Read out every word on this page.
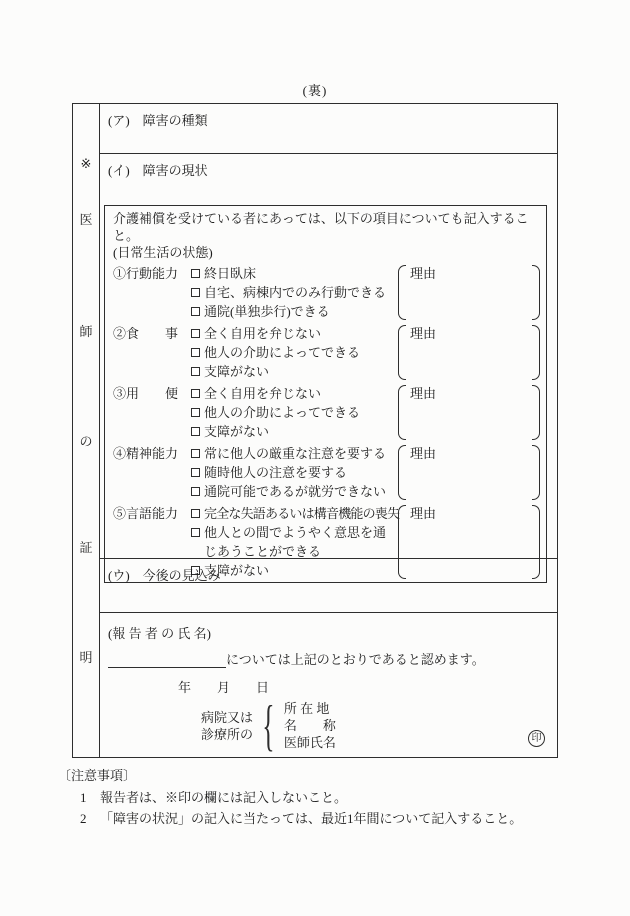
(裏)
※
医
師
の
証
明
(ア)　障害の種類
(イ)　障害の現状
介護補償を受けている者にあっては、以下の項目についても記入すること。
(日常生活の状態)
①行動能力	終日臥床
自宅、病棟内でのみ行動できる
通院(単独歩行)できる
理由
②食　　事	全く自用を弁じない
他人の介助によってできる
支障がない
理由
③用　　便	全く自用を弁じない
他人の介助によってできる
支障がない
理由
④精神能力	常に他人の厳重な注意を要する
随時他人の注意を要する
通院可能であるが就労できない
理由
⑤言語能力	完全な失語あるいは構音機能の喪失
他人との間でようやく意思を通じあうことができる
支障がない
理由
(ウ)　今後の見込み
(報 告 者 の 氏 名)
については上記のとおりであると認めます。
年　　月　　日
病院又は
診療所の { 所 在 地
名　　称
医師氏名	印
〔注意事項〕
1	報告者は、※印の欄には記入しないこと。
2	「障害の状況」の記入に当たっては、最近1年間について記入すること。
